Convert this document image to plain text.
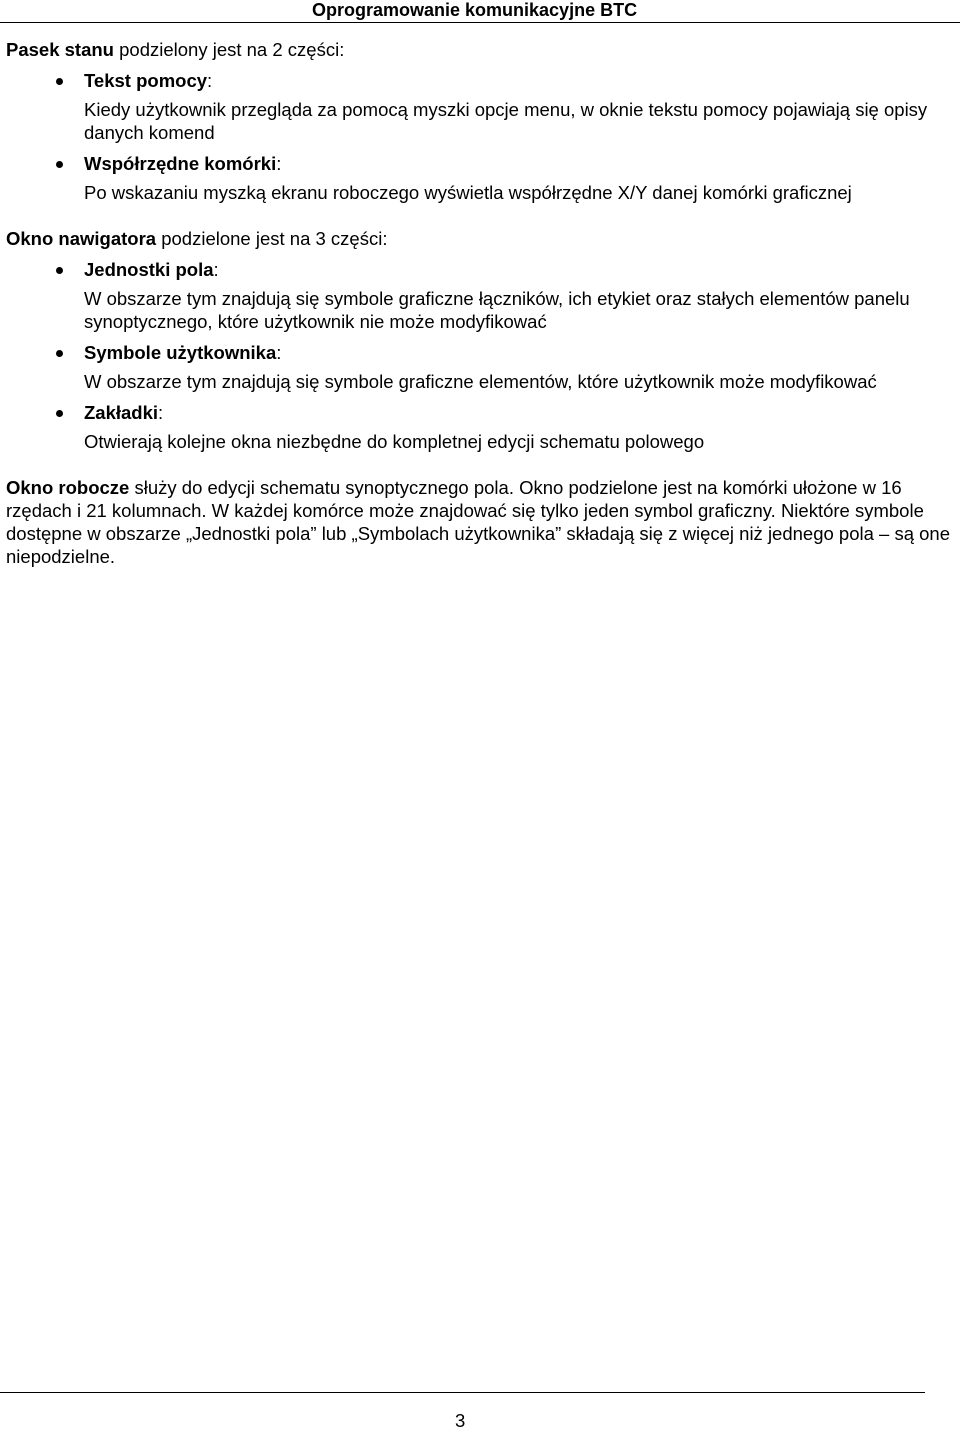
Oprogramowanie komunikacyjne BTC
Pasek stanu podzielony jest na 2 części:
Tekst pomocy:
Kiedy użytkownik przegląda za pomocą myszki opcje menu, w oknie tekstu pomocy pojawiają się opisy danych komend
Współrzędne komórki:
Po wskazaniu myszką ekranu roboczego wyświetla współrzędne X/Y danej komórki graficznej
Okno nawigatora podzielone jest na 3 części:
Jednostki pola:
W obszarze tym znajdują się symbole graficzne łączników, ich etykiet oraz stałych elementów panelu synoptycznego, które użytkownik nie może modyfikować
Symbole użytkownika:
W obszarze tym znajdują się symbole graficzne elementów, które użytkownik może modyfikować
Zakładki:
Otwierają kolejne okna niezbędne do kompletnej edycji schematu polowego

Okno robocze służy do edycji schematu synoptycznego pola. Okno podzielone jest na komórki ułożone w 16 rzędach i 21 kolumnach. W każdej komórce może znajdować się tylko jeden symbol graficzny. Niektóre symbole dostępne w obszarze „Jednostki pola” lub „Symbolach użytkownika” składają się z więcej niż jednego pola – są one niepodzielne.

3
